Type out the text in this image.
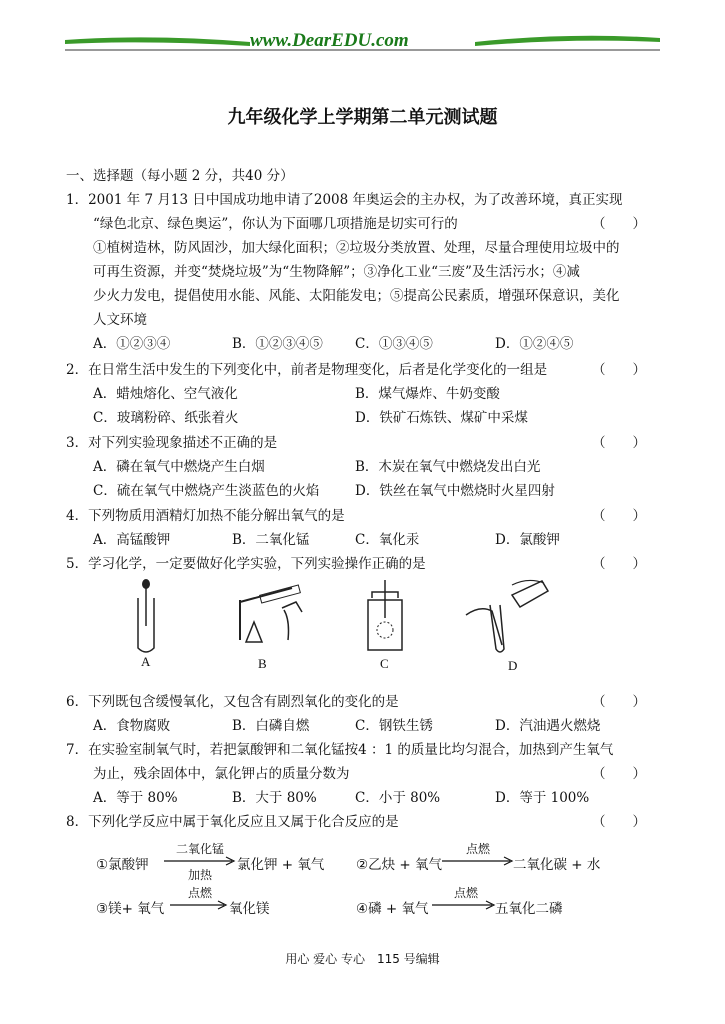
www.DearEDU.com
九年级化学上学期第二单元测试题
一、选择题（每小题 2 分，共40 分）
1．2001 年 7 月13 日中国成功地申请了2008 年奥运会的主办权，为了改善环境，真正实现
“绿色北京、绿色奥运”，你认为下面哪几项措施是切实可行的	（　　）
①植树造林，防风固沙，加大绿化面积；②垃圾分类放置、处理，尽量合理使用垃圾中的
可再生资源，并变“焚烧垃圾”为“生物降解”；③净化工业“三废”及生活污水；④减
少火力发电，提倡使用水能、风能、太阳能发电；⑤提高公民素质，增强环保意识，美化
人文环境
A．①②③④	B．①②③④⑤ C．①③④⑤	D．①②④⑤
2．在日常生活中发生的下列变化中，前者是物理变化，后者是化学变化的一组是	（　　）
A．蜡烛熔化、空气液化	B．煤气爆炸、牛奶变酸
C．玻璃粉碎、纸张着火	D．铁矿石炼铁、煤矿中采煤
3．对下列实验现象描述不正确的是	（　　）
A．磷在氧气中燃烧产生白烟	B．木炭在氧气中燃烧发出白光
C．硫在氧气中燃烧产生淡蓝色的火焰	D．铁丝在氧气中燃烧时火星四射
4．下列物质用酒精灯加热不能分解出氧气的是	（　　）
A．高锰酸钾	B．二氧化锰	C．氧化汞	D．氯酸钾
5．学习化学，一定要做好化学实验，下列实验操作正确的是	（　　）
A	B	C	D
6．下列既包含缓慢氧化，又包含有剧烈氧化的变化的是	（　　）
A．食物腐败	B．白磷自燃	C．钢铁生锈	D．汽油遇火燃烧
7．在实验室制氧气时，若把氯酸钾和二氧化锰按4 ：1 的质量比均匀混合，加热到产生氧气
为止，残余固体中，氯化钾占的质量分数为	（　　）
A．等于 80%	B．大于 80%	C．小于 80%	D．等于 100%
8．下列化学反应中属于氧化反应且又属于化合反应的是	（　　）
①氯酸钾
二氧化锰
加热
氯化钾 + 氧气 ②乙炔 + 氧气
点燃
二氧化碳 + 水
③镁+ 氧气
点燃
氧化镁	④磷 + 氧气
点燃
五氧化二磷
用心 爱心 专心　115 号编辑
